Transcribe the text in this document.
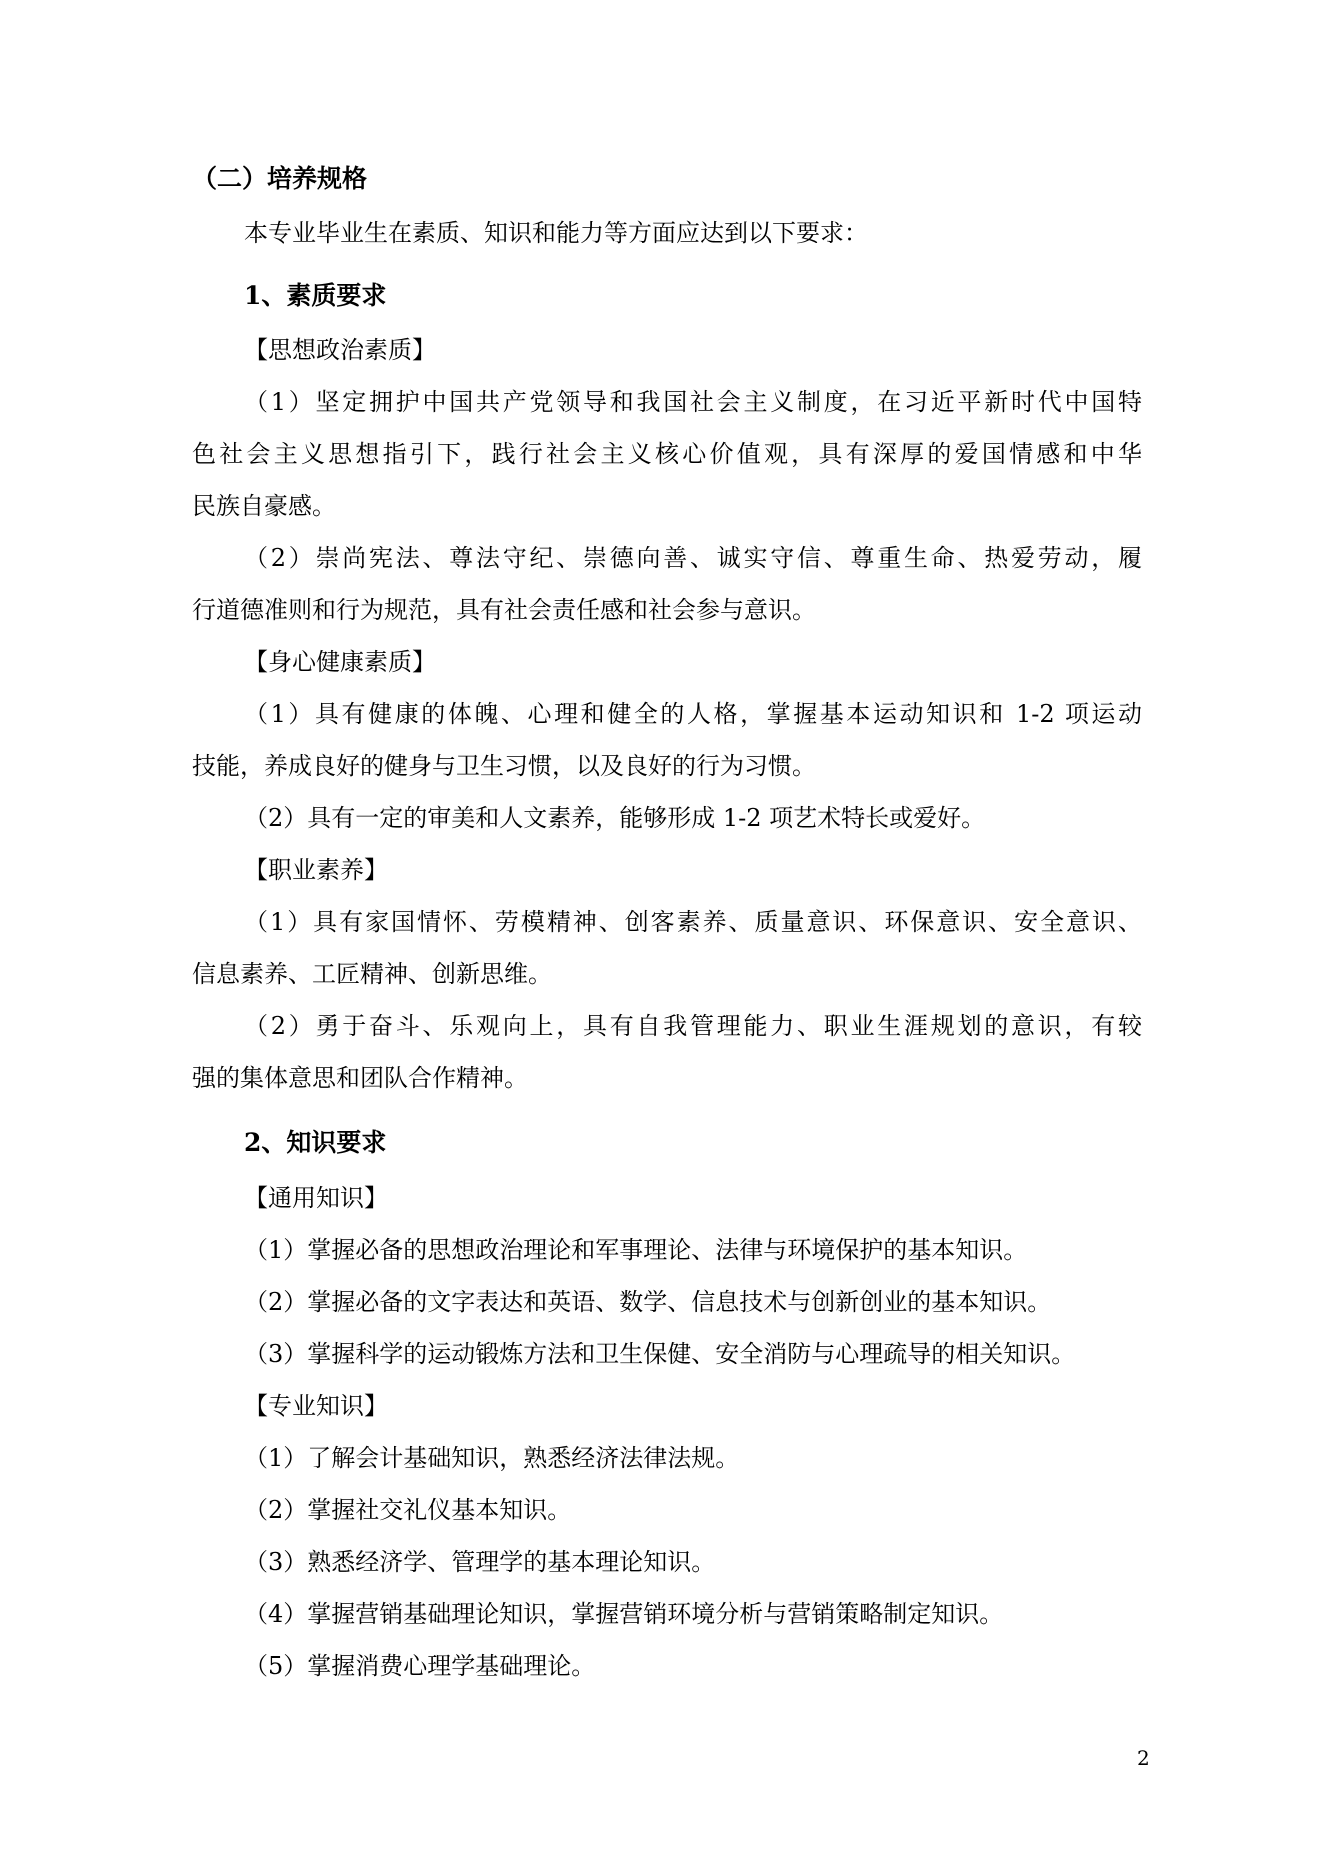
（二）培养规格
本专业毕业生在素质、知识和能力等方面应达到以下要求：
1、素质要求
【思想政治素质】
（1）坚定拥护中国共产党领导和我国社会主义制度，在习近平新时代中国特
色社会主义思想指引下，践行社会主义核心价值观，具有深厚的爱国情感和中华
民族自豪感。
（2）崇尚宪法、尊法守纪、崇德向善、诚实守信、尊重生命、热爱劳动，履
行道德准则和行为规范，具有社会责任感和社会参与意识。
【身心健康素质】
（1）具有健康的体魄、心理和健全的人格，掌握基本运动知识和 1-2 项运动
技能，养成良好的健身与卫生习惯，以及良好的行为习惯。
（2）具有一定的审美和人文素养，能够形成 1-2 项艺术特长或爱好。
【职业素养】
（1）具有家国情怀、劳模精神、创客素养、质量意识、环保意识、安全意识、
信息素养、工匠精神、创新思维。
（2）勇于奋斗、乐观向上，具有自我管理能力、职业生涯规划的意识，有较
强的集体意思和团队合作精神。
2、知识要求
【通用知识】
（1）掌握必备的思想政治理论和军事理论、法律与环境保护的基本知识。
（2）掌握必备的文字表达和英语、数学、信息技术与创新创业的基本知识。
（3）掌握科学的运动锻炼方法和卫生保健、安全消防与心理疏导的相关知识。
【专业知识】
（1）了解会计基础知识，熟悉经济法律法规。
（2）掌握社交礼仪基本知识。
（3）熟悉经济学、管理学的基本理论知识。
（4）掌握营销基础理论知识，掌握营销环境分析与营销策略制定知识。
（5）掌握消费心理学基础理论。
2
